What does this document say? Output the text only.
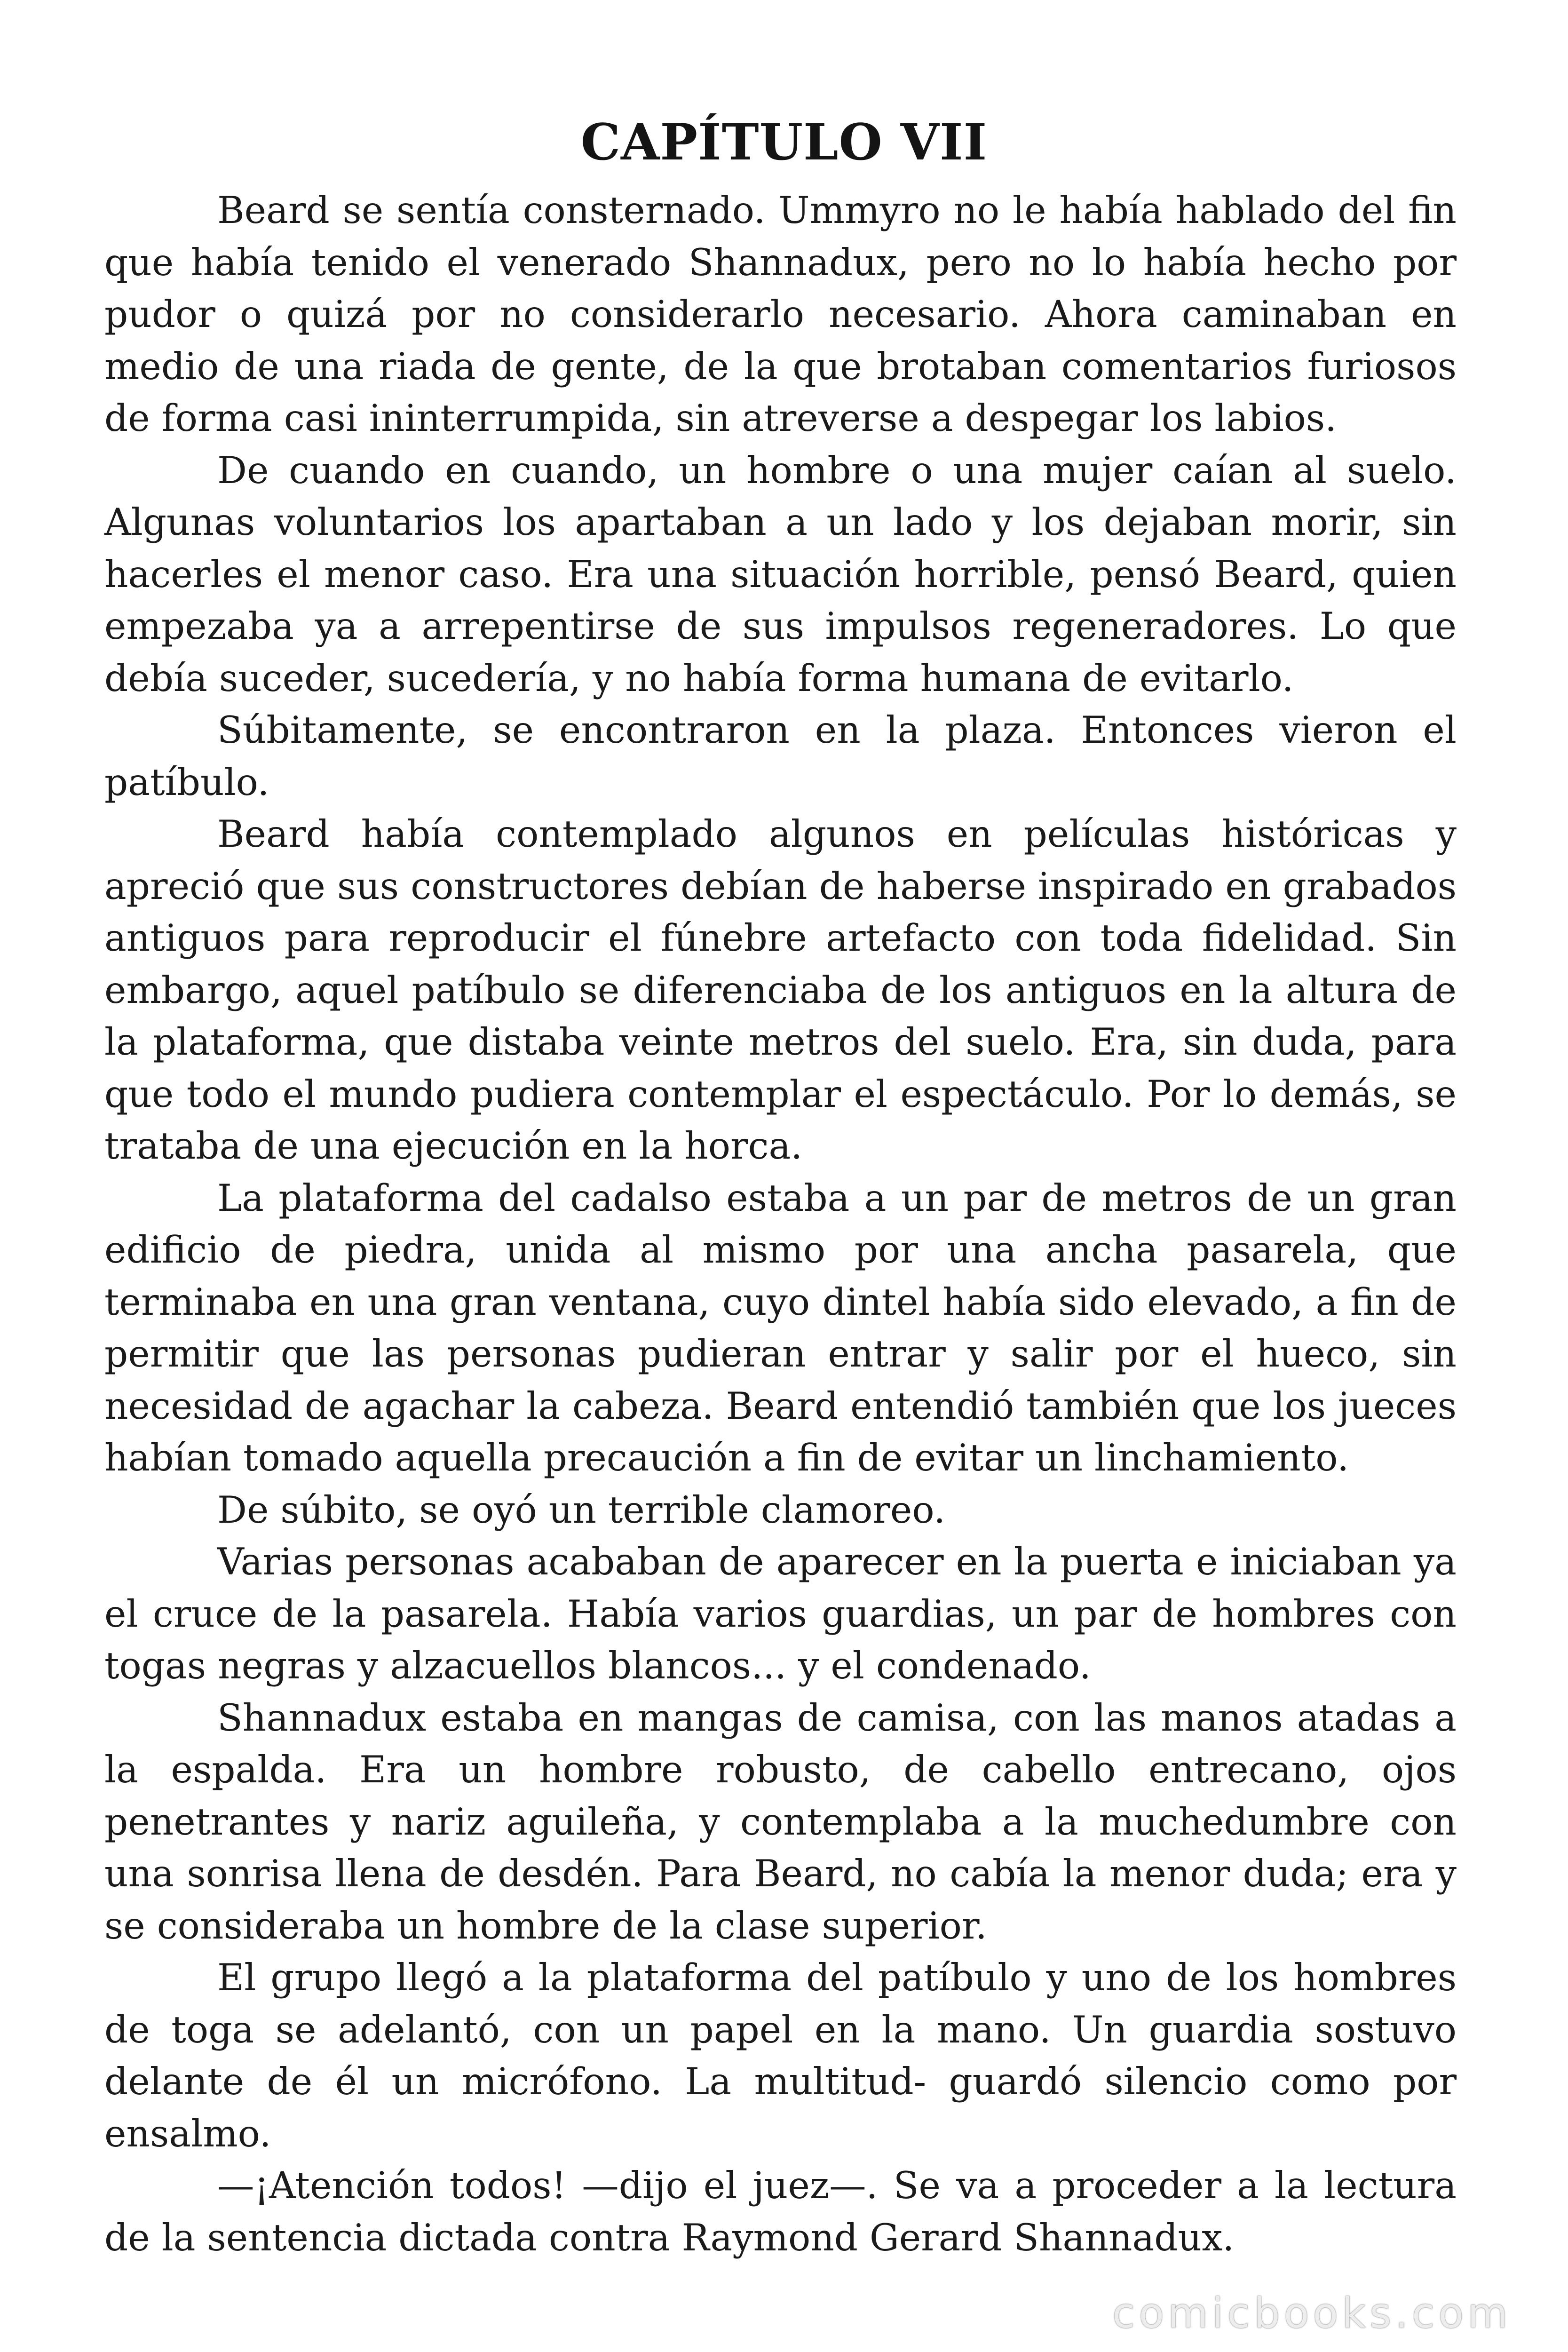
CAPÍTULO VII

Beard se sentía consternado. Ummyro no le había hablado del fin que había tenido el venerado Shannadux, pero no lo había hecho por pudor o quizá por no considerarlo necesario. Ahora caminaban en medio de una riada de gente, de la que brotaban comentarios furiosos de forma casi ininterrumpida, sin atreverse a despegar los labios.

De cuando en cuando, un hombre o una mujer caían al suelo. Algunas voluntarios los apartaban a un lado y los dejaban morir, sin hacerles el menor caso. Era una situación horrible, pensó Beard, quien empezaba ya a arrepentirse de sus impulsos regeneradores. Lo que debía suceder, sucedería, y no había forma humana de evitarlo.

Súbitamente, se encontraron en la plaza. Entonces vieron el patíbulo.

Beard había contemplado algunos en películas históricas y apreció que sus constructores debían de haberse inspirado en grabados antiguos para reproducir el fúnebre artefacto con toda fidelidad. Sin embargo, aquel patíbulo se diferenciaba de los antiguos en la altura de la plataforma, que distaba veinte metros del suelo. Era, sin duda, para que todo el mundo pudiera contemplar el espectáculo. Por lo demás, se trataba de una ejecución en la horca.

La plataforma del cadalso estaba a un par de metros de un gran edificio de piedra, unida al mismo por una ancha pasarela, que terminaba en una gran ventana, cuyo dintel había sido elevado, a fin de permitir que las personas pudieran entrar y salir por el hueco, sin necesidad de agachar la cabeza. Beard entendió también que los jueces habían tomado aquella precaución a fin de evitar un linchamiento.

De súbito, se oyó un terrible clamoreo.

Varias personas acababan de aparecer en la puerta e iniciaban ya el cruce de la pasarela. Había varios guardias, un par de hombres con togas negras y alzacuellos blancos... y el condenado.

Shannadux estaba en mangas de camisa, con las manos atadas a la espalda. Era un hombre robusto, de cabello entrecano, ojos penetrantes y nariz aguileña, y contemplaba a la muchedumbre con una sonrisa llena de desdén. Para Beard, no cabía la menor duda; era y se consideraba un hombre de la clase superior.

El grupo llegó a la plataforma del patíbulo y uno de los hombres de toga se adelantó, con un papel en la mano. Un guardia sostuvo delante de él un micrófono. La multitud- guardó silencio como por ensalmo.

—¡Atención todos! —dijo el juez—. Se va a proceder a la lectura de la sentencia dictada contra Raymond Gerard Shannadux.

comicbooks.com
